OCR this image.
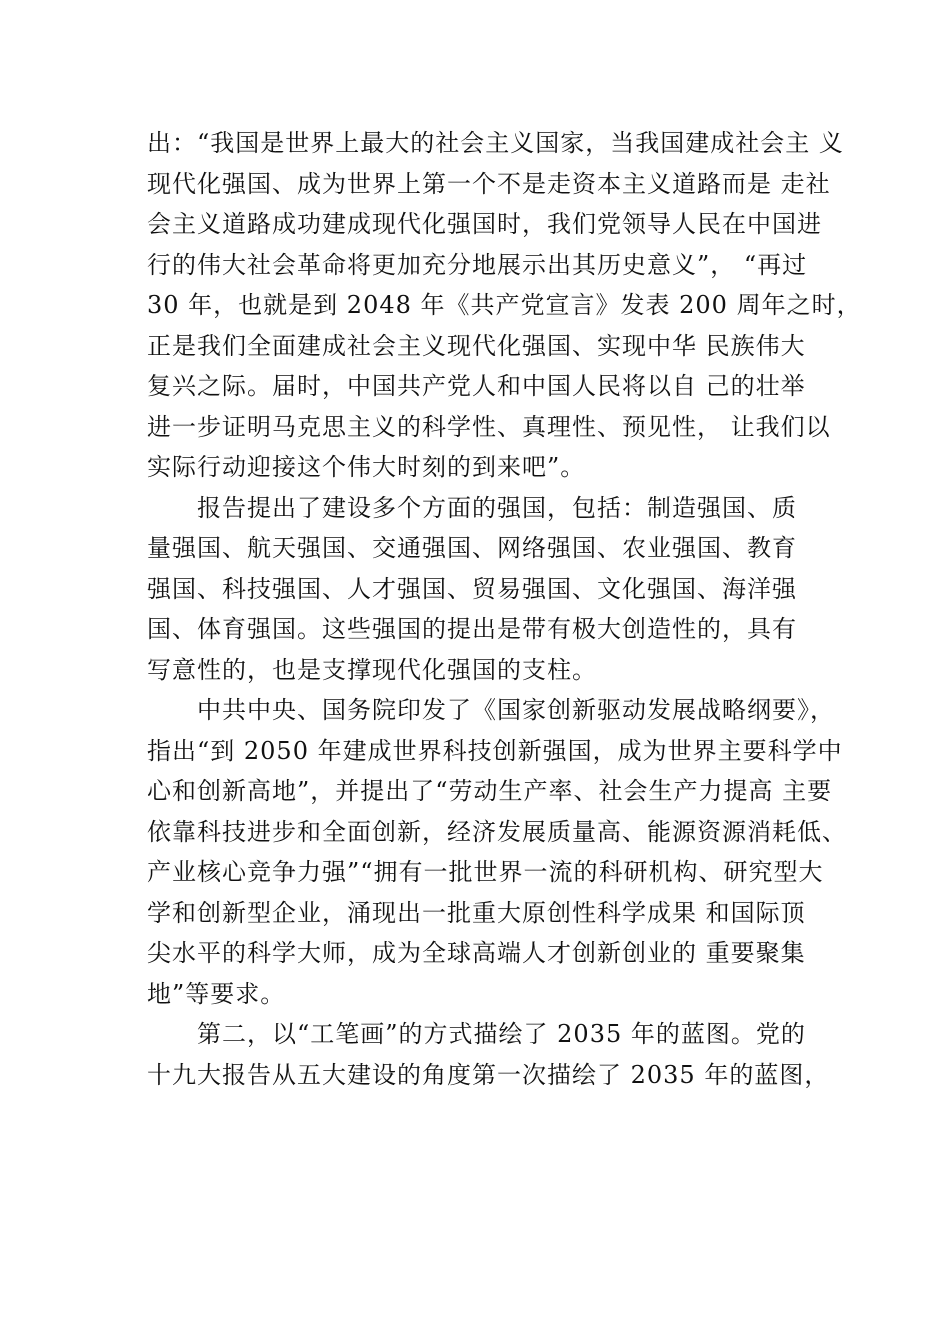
出：“我国是世界上最大的社会主义国家，当我国建成社会主 义
现代化强国、成为世界上第一个不是走资本主义道路而是 走社
会主义道路成功建成现代化强国时，我们党领导人民在中国进
行的伟大社会革命将更加充分地展示出其历史意义”， “再过
30 年，也就是到 2048 年《共产党宣言》发表 200 周年之时，
正是我们全面建成社会主义现代化强国、实现中华 民族伟大
复兴之际。届时，中国共产党人和中国人民将以自 己的壮举
进一步证明马克思主义的科学性、真理性、预见性， 让我们以
实际行动迎接这个伟大时刻的到来吧”。
　　报告提出了建设多个方面的强国，包括：制造强国、质
量强国、航天强国、交通强国、网络强国、农业强国、教育
强国、科技强国、人才强国、贸易强国、文化强国、海洋强
国、体育强国。这些强国的提出是带有极大创造性的，具有
写意性的，也是支撑现代化强国的支柱。
　　中共中央、国务院印发了《国家创新驱动发展战略纲要》，
指出“到 2050 年建成世界科技创新强国，成为世界主要科学中
心和创新高地”，并提出了“劳动生产率、社会生产力提高 主要
依靠科技进步和全面创新，经济发展质量高、能源资源消耗低、
产业核心竞争力强”“拥有一批世界一流的科研机构、研究型大
学和创新型企业，涌现出一批重大原创性科学成果 和国际顶
尖水平的科学大师，成为全球高端人才创新创业的 重要聚集
地”等要求。
　　第二，以“工笔画”的方式描绘了 2035 年的蓝图。党的
十九大报告从五大建设的角度第一次描绘了 2035 年的蓝图，
